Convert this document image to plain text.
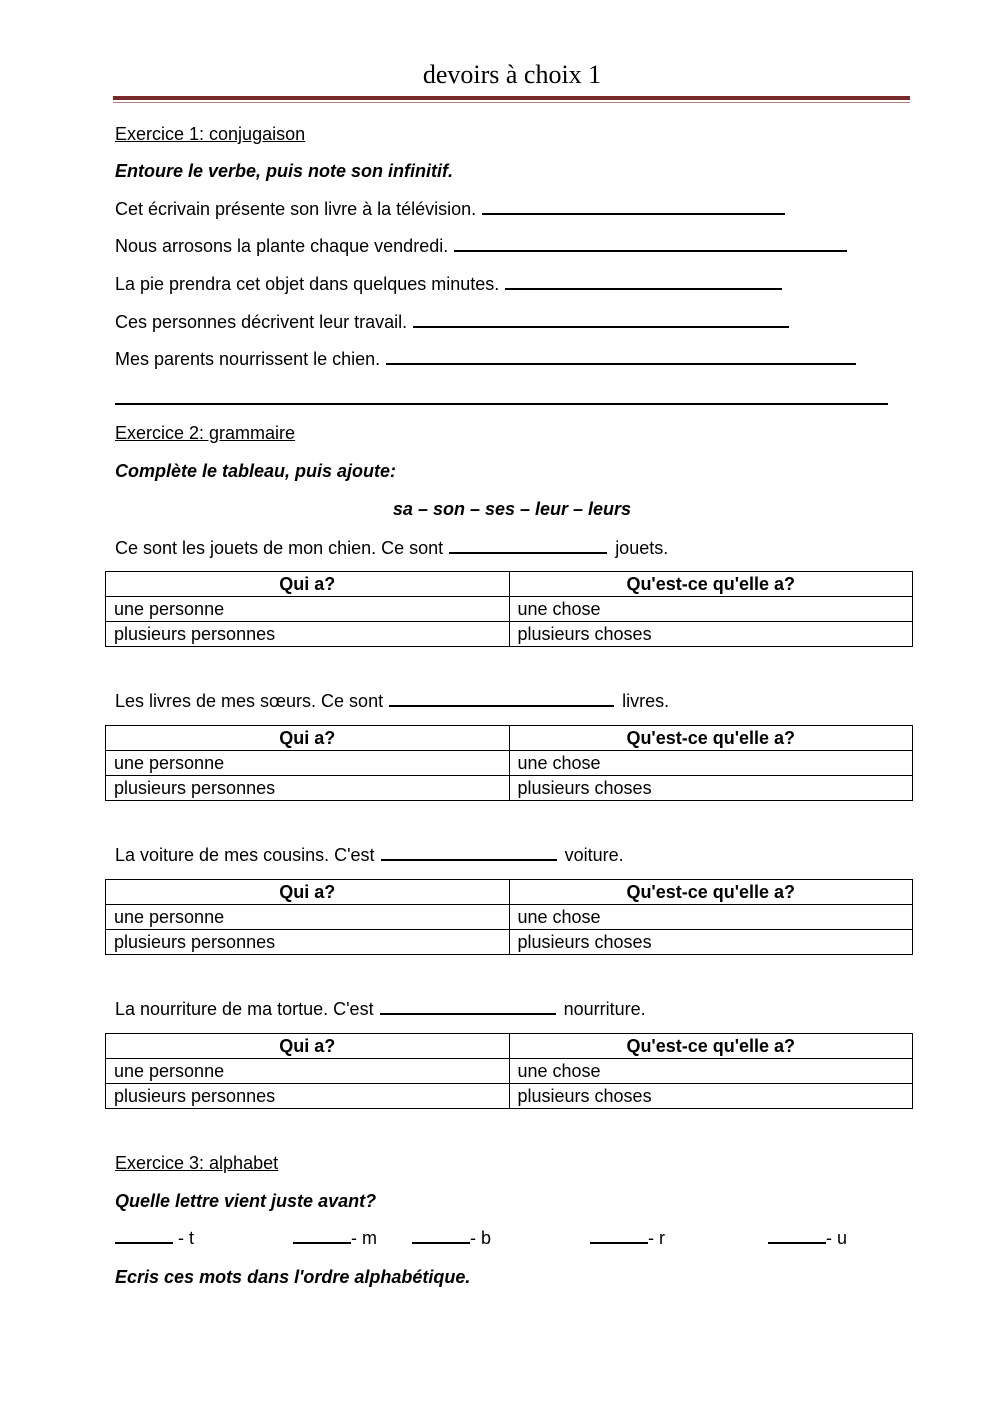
devoirs à choix 1
Exercice 1: conjugaison
Entoure le verbe, puis note son infinitif.
Cet écrivain présente son livre à la télévision.
Nous arrosons la plante chaque vendredi.
La pie prendra cet objet dans quelques minutes.
Ces personnes décrivent leur travail.
Mes parents nourrissent le chien.
Exercice 2: grammaire
Complète le tableau, puis ajoute:
sa – son – ses – leur – leurs
Ce sont les jouets de mon chien. Ce sont	jouets.
Qui a?	Qu'est-ce qu'elle a?
une personne	une chose
plusieurs personnes	plusieurs choses
Les livres de mes sœurs. Ce sont	livres.
Qui a?	Qu'est-ce qu'elle a?
une personne	une chose
plusieurs personnes	plusieurs choses
La voiture de mes cousins. C'est	voiture.
Qui a?	Qu'est-ce qu'elle a?
une personne	une chose
plusieurs personnes	plusieurs choses
La nourriture de ma tortue. C'est	nourriture.
Qui a?	Qu'est-ce qu'elle a?
une personne	une chose
plusieurs personnes	plusieurs choses
Exercice 3: alphabet
Quelle lettre vient juste avant?
- t	- m	- b	- r	- u
Ecris ces mots dans l'ordre alphabétique.
